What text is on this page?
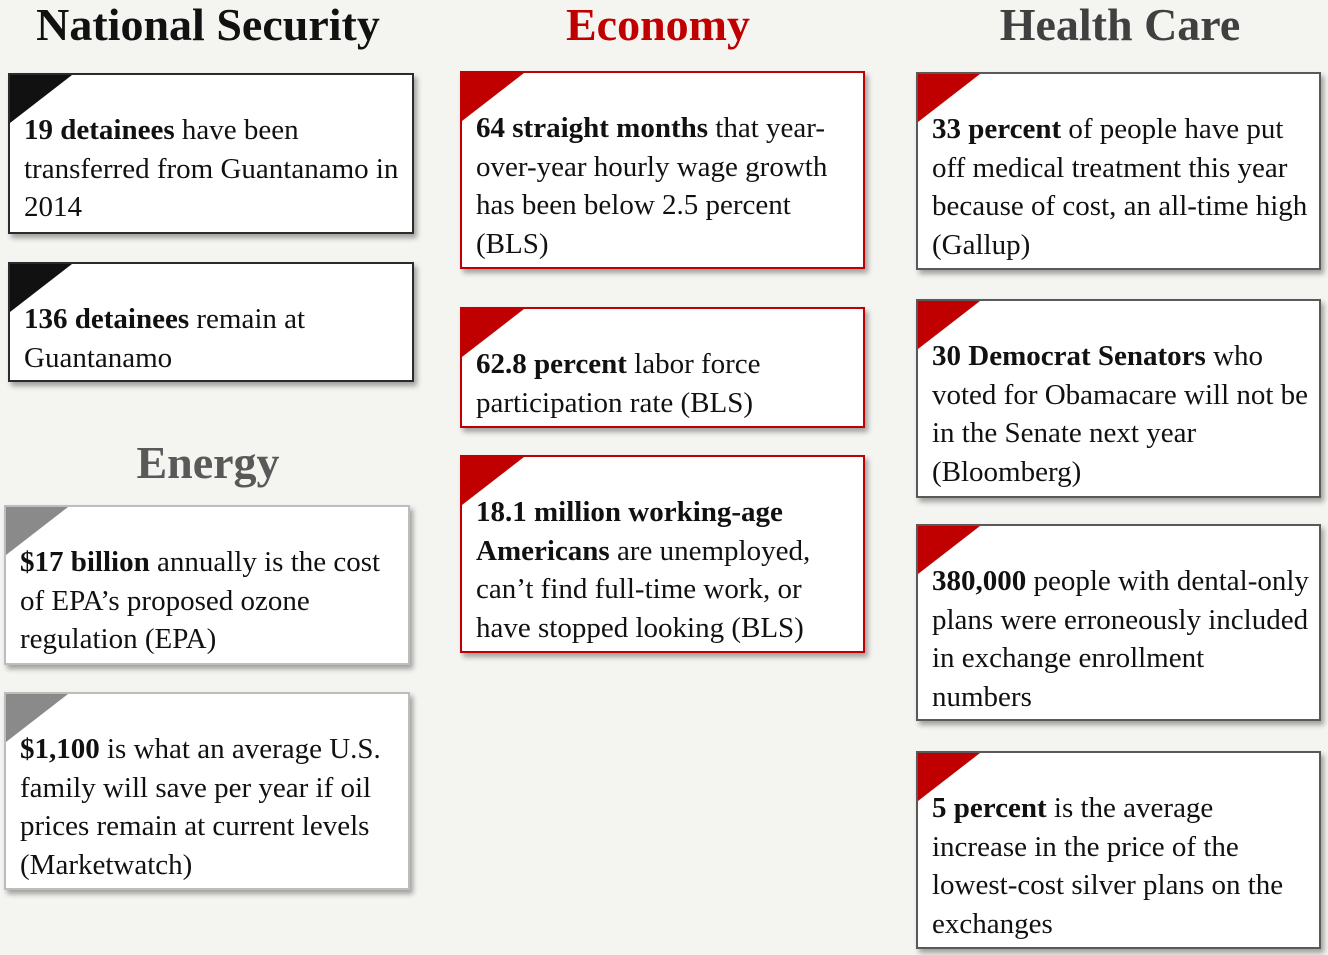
National Security	Economy	Health Care
Energy

19 detainees have been transferred from Guantanamo in 2014

136 detainees remain at Guantanamo

$17 billion annually is the cost of EPA’s proposed ozone regulation (EPA)

$1,100 is what an average U.S. family will save per year if oil prices remain at current levels (Marketwatch)

64 straight months that year-over-year hourly wage growth has been below 2.5 percent (BLS)

62.8 percent labor force participation rate (BLS)

18.1 million working-age Americans are unemployed, can’t find full-time work, or have stopped looking (BLS)

33 percent of people have put off medical treatment this year because of cost, an all-time high (Gallup)

30 Democrat Senators who voted for Obamacare will not be in the Senate next year (Bloomberg)

380,000 people with dental-only plans were erroneously included in exchange enrollment numbers

5 percent is the average increase in the price of the lowest-cost silver plans on the exchanges
